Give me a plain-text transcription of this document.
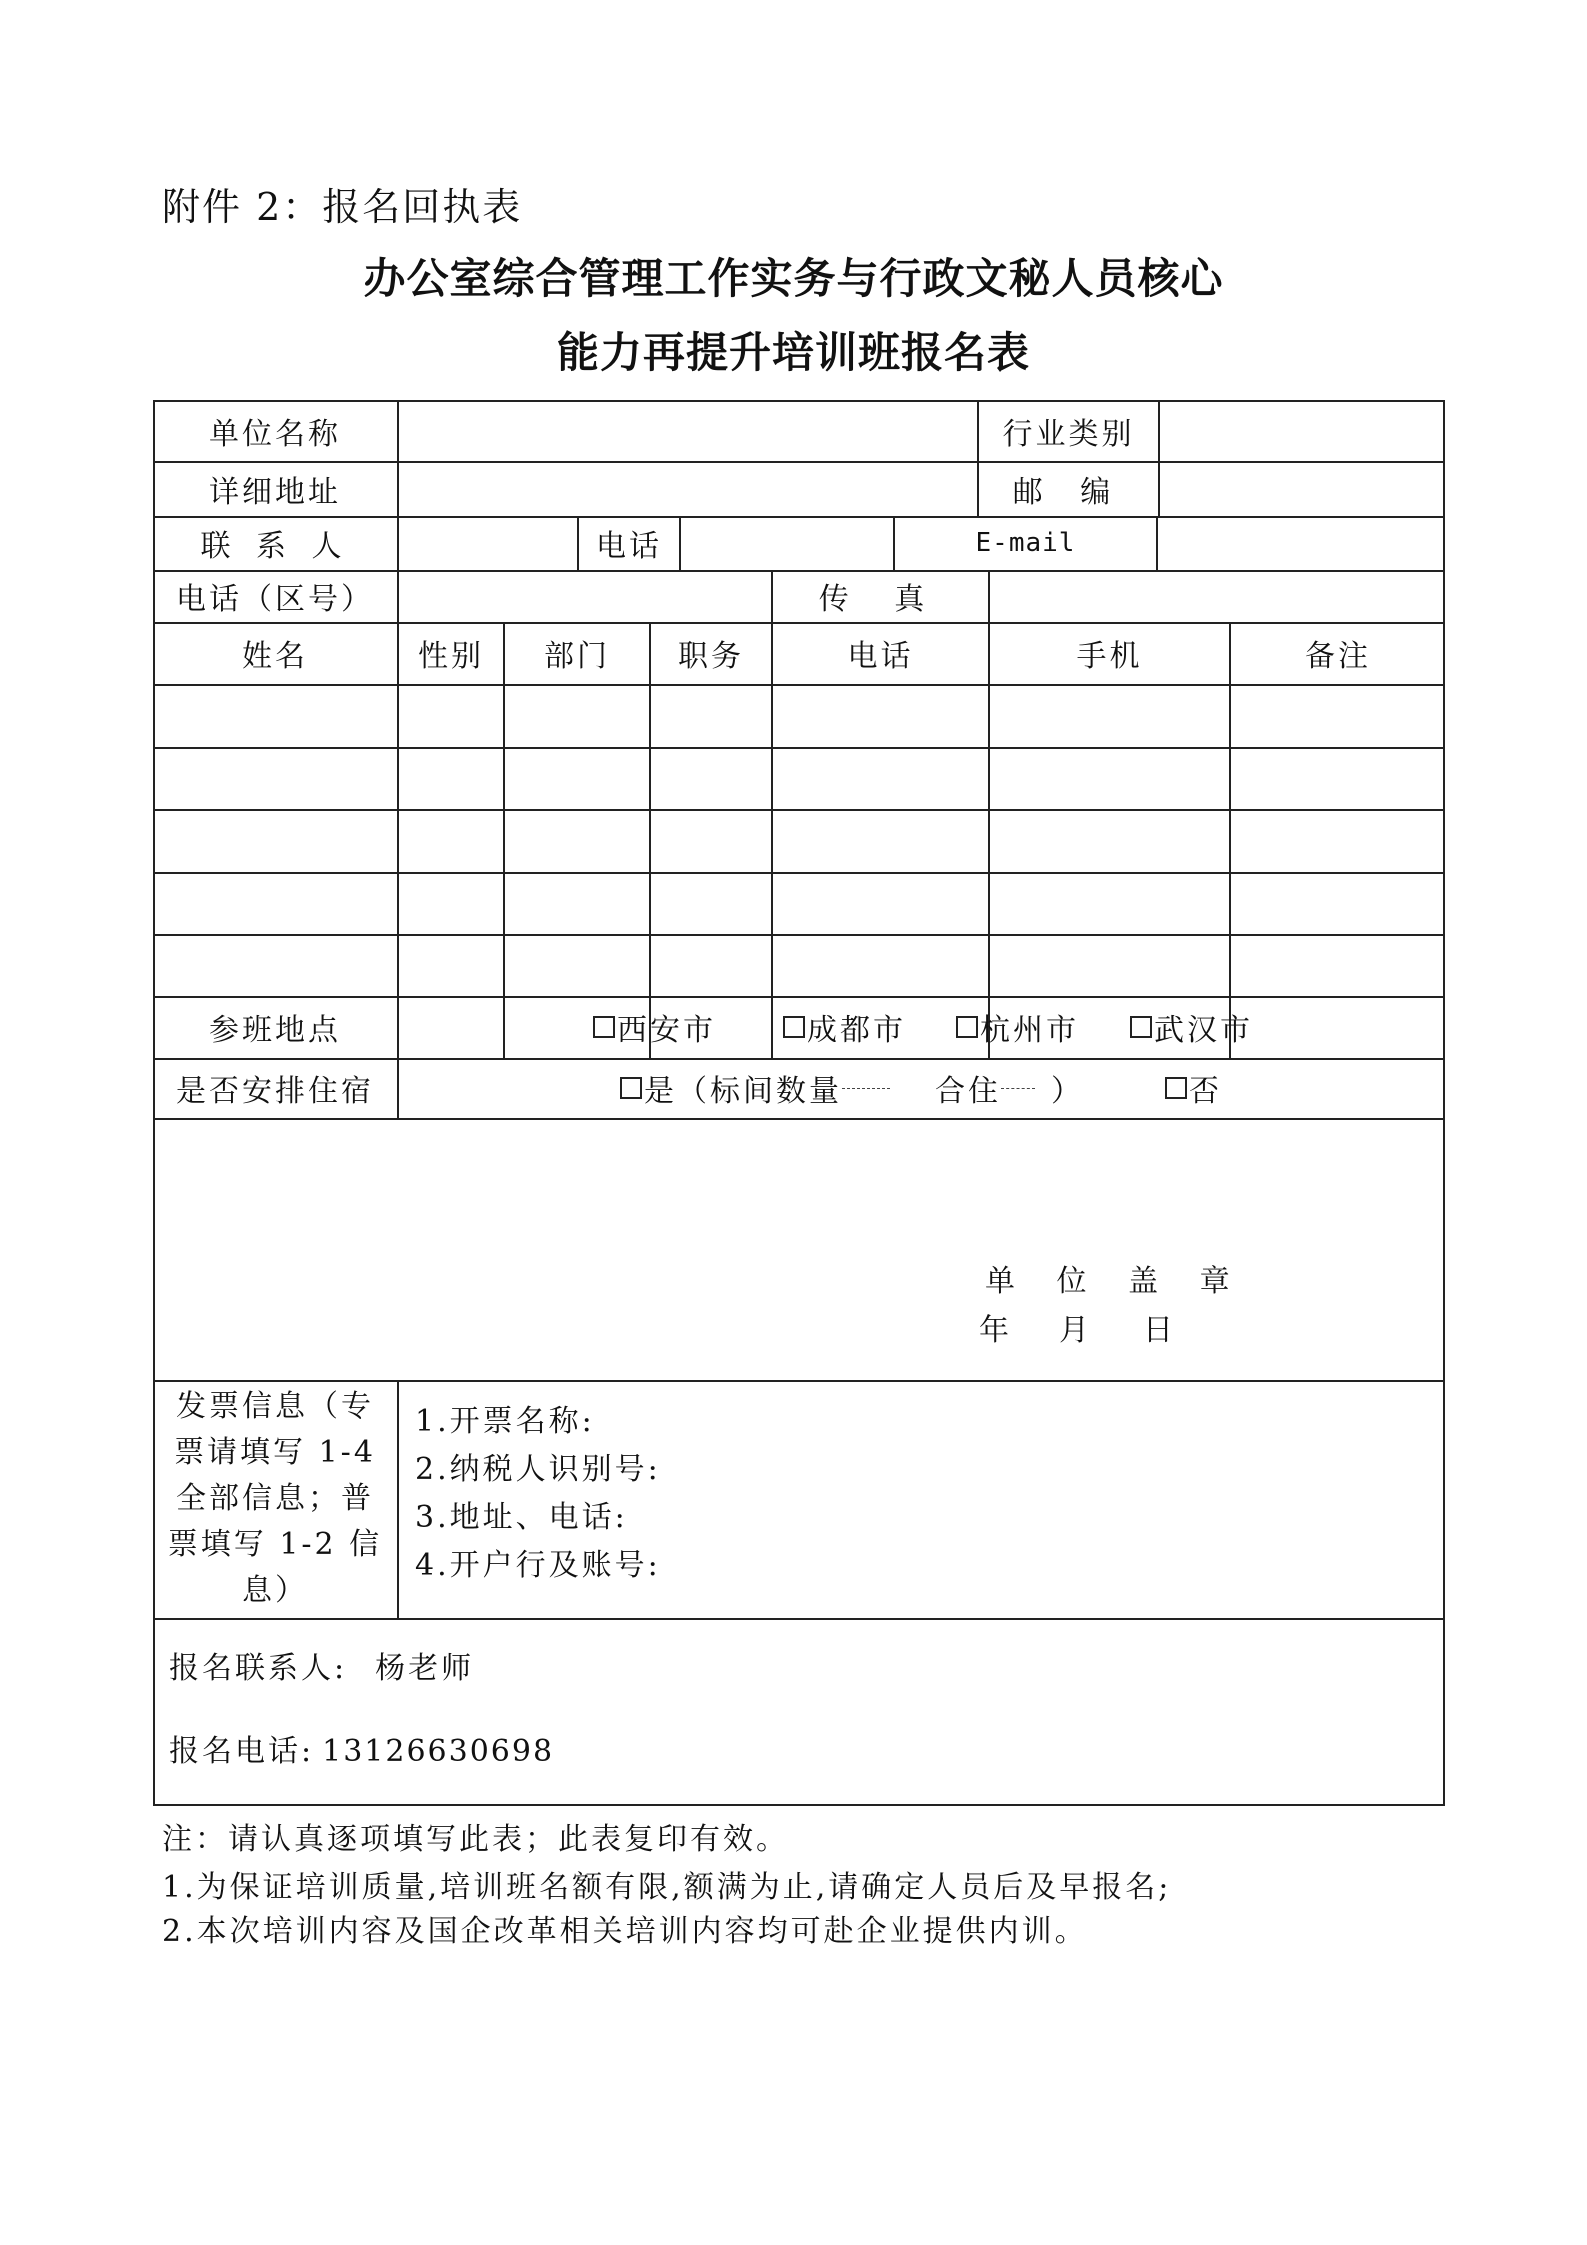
附件 2：报名回执表
办公室综合管理工作实务与行政文秘人员核心
能力再提升培训班报名表
单位名称	行业类别
详细地址	邮 编
联 系 人	电话	E-mail
电话（区号）	传 真
姓名	性别	部门	职务	电话	手机	备注
参班地点	西安市	成都市 杭州市	武汉市
是否安排住宿	是（标间数量	合住 ）	否
单 位 盖 章
年 月 日
发票信息（专票请填写 1-4 全部信息；普票填写 1-2 信息）
1.开票名称:
2.纳税人识别号:
3.地址、电话:
4.开户行及账号:
报名联系人: 杨老师
报名电话: 13126630698
注：请认真逐项填写此表；此表复印有效。
1.为保证培训质量,培训班名额有限,额满为止,请确定人员后及早报名;
2.本次培训内容及国企改革相关培训内容均可赴企业提供内训。
